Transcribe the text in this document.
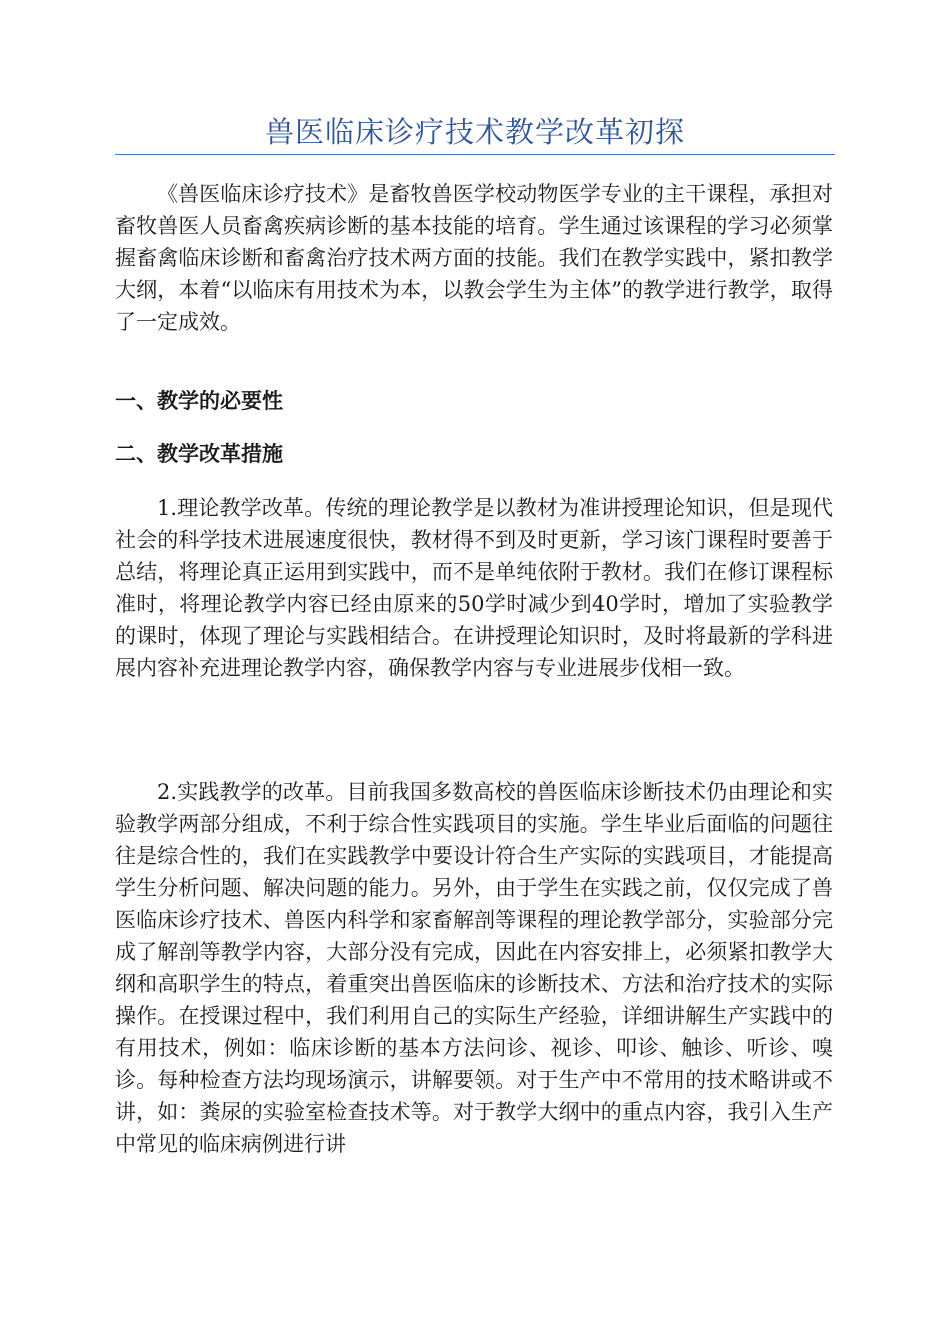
兽医临床诊疗技术教学改革初探

《兽医临床诊疗技术》是畜牧兽医学校动物医学专业的主干课程，承担对畜牧兽医人员畜禽疾病诊断的基本技能的培育。学生通过该课程的学习必须掌握畜禽临床诊断和畜禽治疗技术两方面的技能。我们在教学实践中，紧扣教学大纲，本着“以临床有用技术为本，以教会学生为主体”的教学进行教学，取得了一定成效。

一、教学的必要性

二、教学改革措施

1.理论教学改革。传统的理论教学是以教材为准讲授理论知识，但是现代社会的科学技术进展速度很快，教材得不到及时更新，学习该门课程时要善于总结，将理论真正运用到实践中，而不是单纯依附于教材。我们在修订课程标准时，将理论教学内容已经由原来的50学时减少到40学时，增加了实验教学的课时，体现了理论与实践相结合。在讲授理论知识时，及时将最新的学科进展内容补充进理论教学内容，确保教学内容与专业进展步伐相一致。

2.实践教学的改革。目前我国多数高校的兽医临床诊断技术仍由理论和实验教学两部分组成，不利于综合性实践项目的实施。学生毕业后面临的问题往往是综合性的，我们在实践教学中要设计符合生产实际的实践项目，才能提高学生分析问题、解决问题的能力。另外，由于学生在实践之前，仅仅完成了兽医临床诊疗技术、兽医内科学和家畜解剖等课程的理论教学部分，实验部分完成了解剖等教学内容，大部分没有完成，因此在内容安排上，必须紧扣教学大纲和高职学生的特点，着重突出兽医临床的诊断技术、方法和治疗技术的实际操作。在授课过程中，我们利用自己的实际生产经验，详细讲解生产实践中的有用技术，例如：临床诊断的基本方法问诊、视诊、叩诊、触诊、听诊、嗅诊。每种检查方法均现场演示，讲解要领。对于生产中不常用的技术略讲或不讲，如：粪尿的实验室检查技术等。对于教学大纲中的重点内容，我引入生产中常见的临床病例进行讲
